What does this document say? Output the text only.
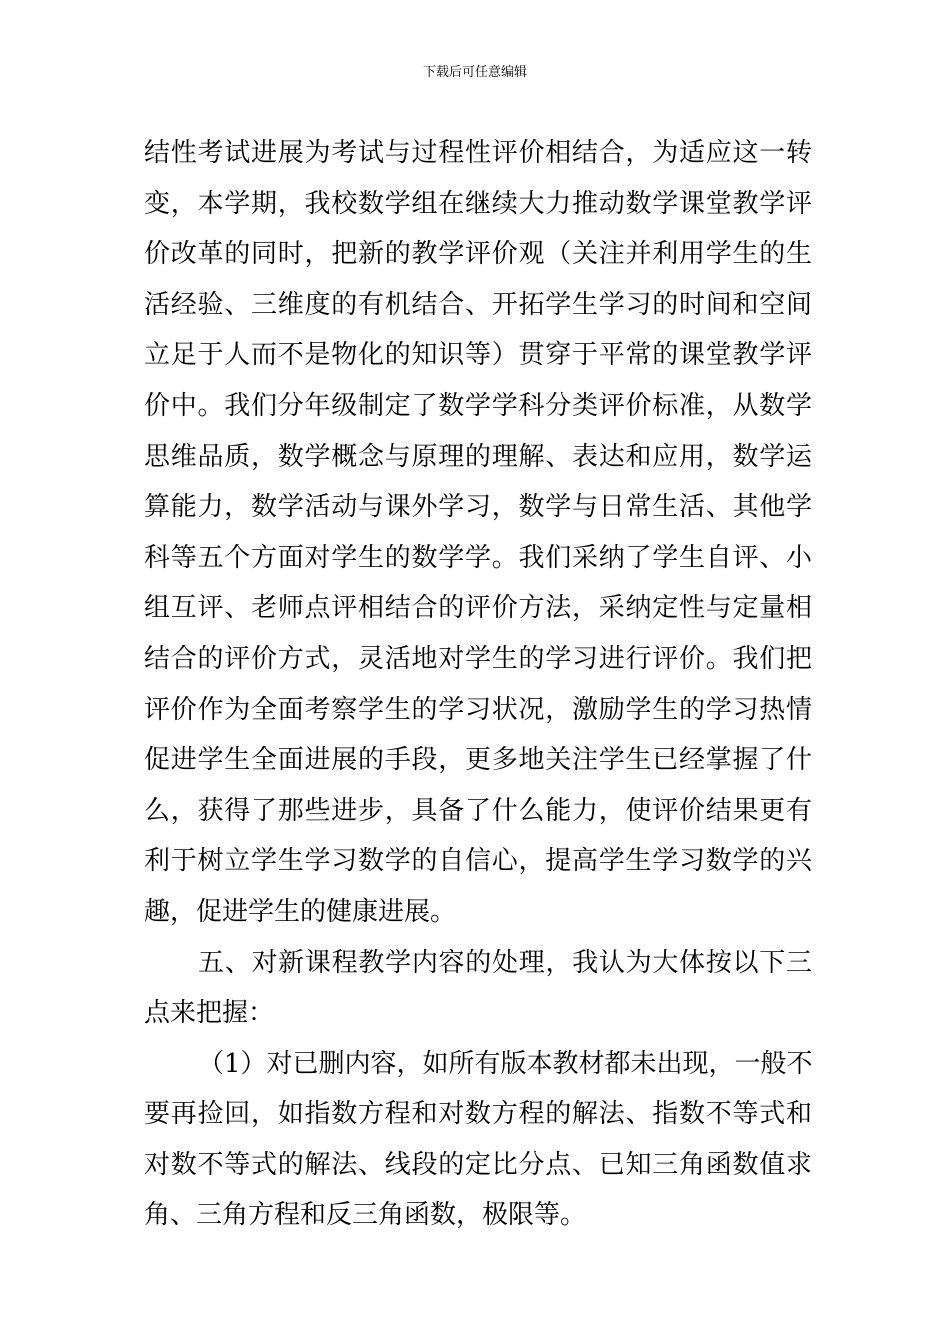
下载后可任意编辑
结性考试进展为考试与过程性评价相结合，为适应这一转
变，本学期，我校数学组在继续大力推动数学课堂教学评
价改革的同时，把新的教学评价观（关注并利用学生的生
活经验、三维度的有机结合、开拓学生学习的时间和空间
立足于人而不是物化的知识等）贯穿于平常的课堂教学评
价中。我们分年级制定了数学学科分类评价标准，从数学
思维品质，数学概念与原理的理解、表达和应用，数学运
算能力，数学活动与课外学习，数学与日常生活、其他学
科等五个方面对学生的数学学。我们采纳了学生自评、小
组互评、老师点评相结合的评价方法，采纳定性与定量相
结合的评价方式，灵活地对学生的学习进行评价。我们把
评价作为全面考察学生的学习状况，激励学生的学习热情
促进学生全面进展的手段，更多地关注学生已经掌握了什
么，获得了那些进步，具备了什么能力，使评价结果更有
利于树立学生学习数学的自信心，提高学生学习数学的兴
趣，促进学生的健康进展。
五、对新课程教学内容的处理，我认为大体按以下三
点来把握：
（1）对已删内容，如所有版本教材都未出现，一般不
要再捡回，如指数方程和对数方程的解法、指数不等式和
对数不等式的解法、线段的定比分点、已知三角函数值求
角、三角方程和反三角函数，极限等。
